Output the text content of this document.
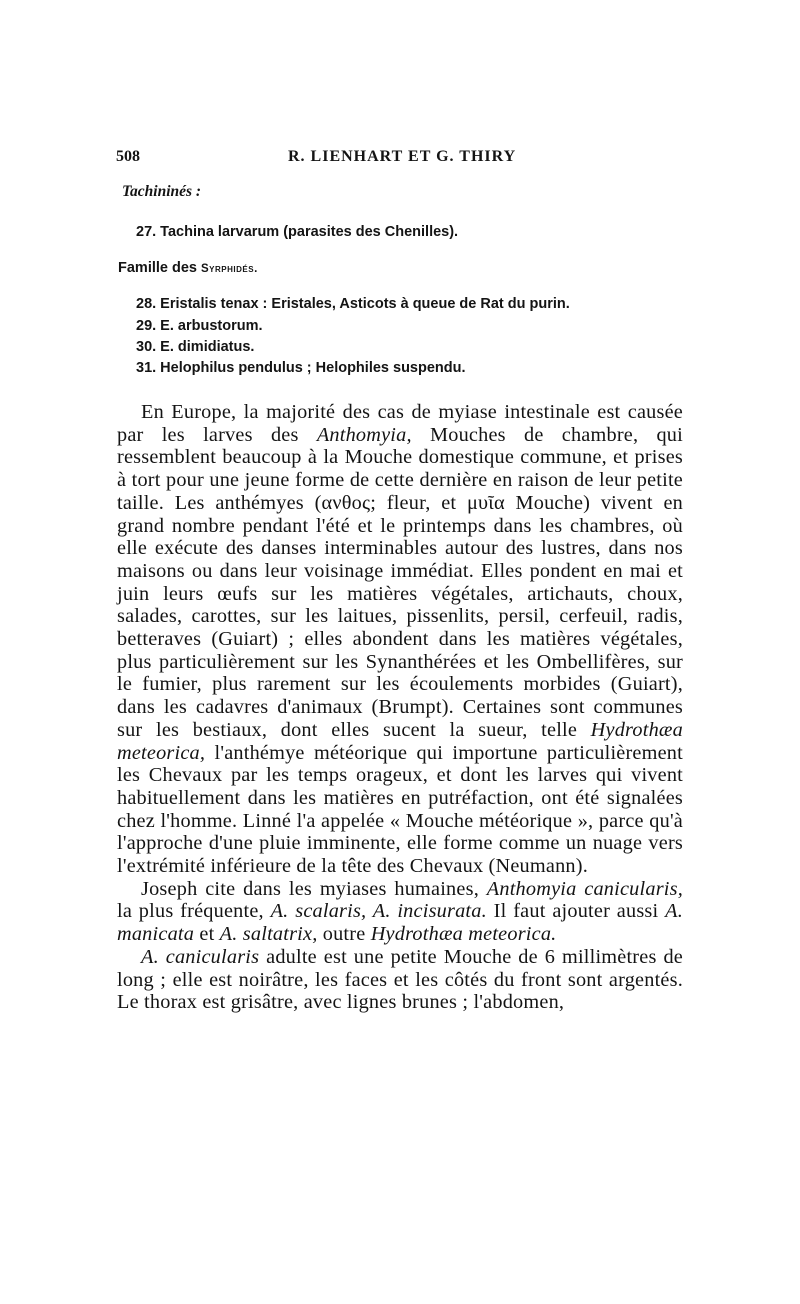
508	R. LIENHART ET G. THIRY
Tachininés :
27. Tachina larvarum (parasites des Chenilles).
Famille des Syrphidés.
28. Eristalis tenax : Eristales, Asticots à queue de Rat du purin.
29. E. arbustorum.
30. E. dimidiatus.
31. Helophilus pendulus ; Helophiles suspendu.

En Europe, la majorité des cas de myiase intestinale est causée par les larves des Anthomyia, Mouches de chambre, qui ressemblent beaucoup à la Mouche domestique commune, et prises à tort pour une jeune forme de cette dernière en raison de leur petite taille. Les anthémyes (ανθος; fleur, et μυῖα Mouche) vivent en grand nombre pendant l'été et le printemps dans les chambres, où elle exécute des danses interminables autour des lustres, dans nos maisons ou dans leur voisinage immédiat. Elles pondent en mai et juin leurs œufs sur les matières végétales, artichauts, choux, salades, carottes, sur les laitues, pissenlits, persil, cerfeuil, radis, betteraves (Guiart) ; elles abondent dans les matières végétales, plus particulièrement sur les Synanthérées et les Ombellifères, sur le fumier, plus rarement sur les écoulements morbides (Guiart), dans les cadavres d'animaux (Brumpt). Certaines sont communes sur les bestiaux, dont elles sucent la sueur, telle Hydrothæa meteorica, l'anthémye météorique qui importune particulièrement les Chevaux par les temps orageux, et dont les larves qui vivent habituellement dans les matières en putréfaction, ont été signalées chez l'homme. Linné l'a appelée « Mouche météorique », parce qu'à l'approche d'une pluie imminente, elle forme comme un nuage vers l'extrémité inférieure de la tête des Chevaux (Neumann).

Joseph cite dans les myiases humaines, Anthomyia canicularis, la plus fréquente, A. scalaris, A. incisurata. Il faut ajouter aussi A. manicata et A. saltatrix, outre Hydrothæa meteorica.

A. canicularis adulte est une petite Mouche de 6 millimètres de long ; elle est noirâtre, les faces et les côtés du front sont argentés. Le thorax est grisâtre, avec lignes brunes ; l'abdomen,
